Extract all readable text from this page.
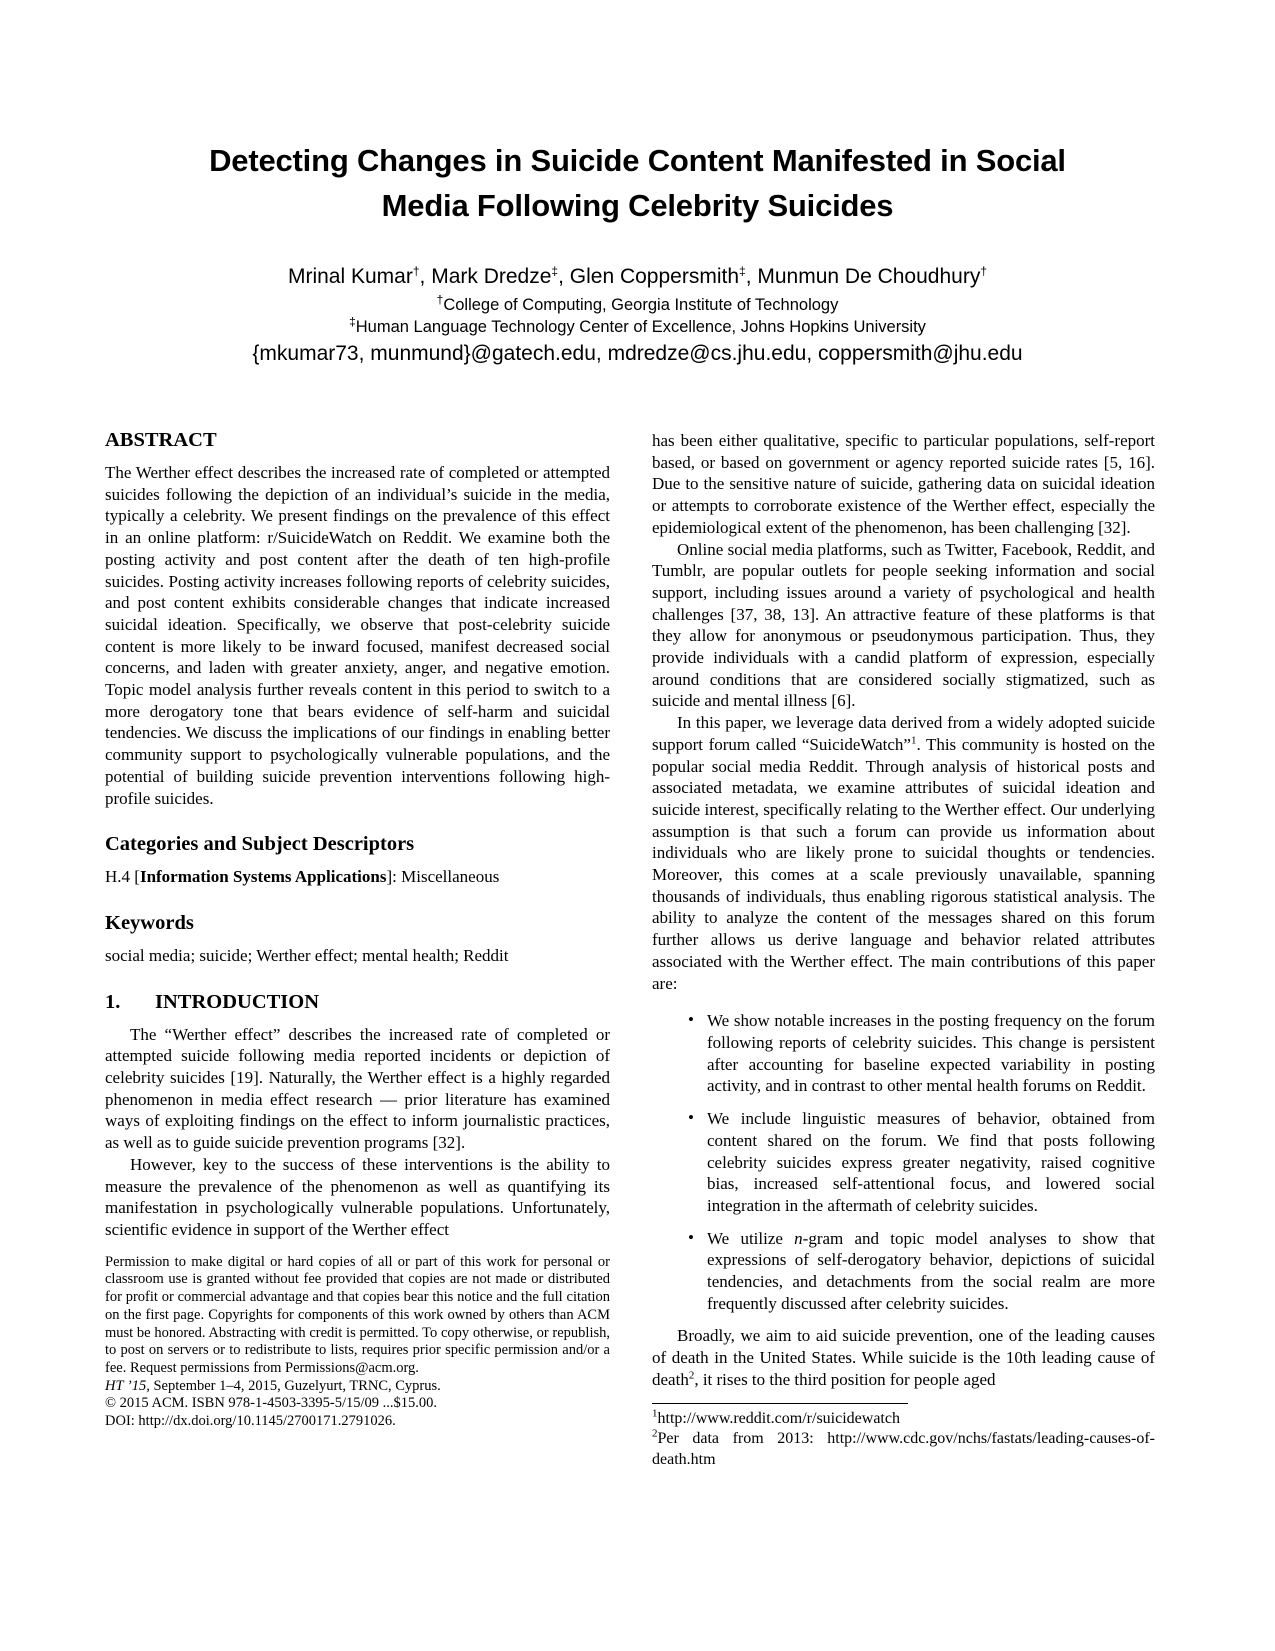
Detecting Changes in Suicide Content Manifested in Social
Media Following Celebrity Suicides
Mrinal Kumar†, Mark Dredze‡, Glen Coppersmith‡, Munmun De Choudhury†
†College of Computing, Georgia Institute of Technology
‡Human Language Technology Center of Excellence, Johns Hopkins University
{mkumar73, munmund}@gatech.edu, mdredze@cs.jhu.edu, coppersmith@jhu.edu
ABSTRACT

The Werther effect describes the increased rate of completed or attempted suicides following the depiction of an individual’s suicide in the media, typically a celebrity. We present findings on the prevalence of this effect in an online platform: r/SuicideWatch on Reddit. We examine both the posting activity and post content after the death of ten high-profile suicides. Posting activity increases following reports of celebrity suicides, and post content exhibits considerable changes that indicate increased suicidal ideation. Specifically, we observe that post-celebrity suicide content is more likely to be inward focused, manifest decreased social concerns, and laden with greater anxiety, anger, and negative emotion. Topic model analysis further reveals content in this period to switch to a more derogatory tone that bears evidence of self-harm and suicidal tendencies. We discuss the implications of our findings in enabling better community support to psychologically vulnerable populations, and the potential of building suicide prevention interventions following high-profile suicides.

Categories and Subject Descriptors

H.4 [Information Systems Applications]: Miscellaneous

Keywords

social media; suicide; Werther effect; mental health; Reddit

1. INTRODUCTION

The “Werther effect” describes the increased rate of completed or attempted suicide following media reported incidents or depiction of celebrity suicides [19]. Naturally, the Werther effect is a highly regarded phenomenon in media effect research — prior literature has examined ways of exploiting findings on the effect to inform journalistic practices, as well as to guide suicide prevention programs [32].

However, key to the success of these interventions is the ability to measure the prevalence of the phenomenon as well as quantifying its manifestation in psychologically vulnerable populations. Unfortunately, scientific evidence in support of the Werther effect

Permission to make digital or hard copies of all or part of this work for personal or classroom use is granted without fee provided that copies are not made or distributed for profit or commercial advantage and that copies bear this notice and the full citation on the first page. Copyrights for components of this work owned by others than ACM must be honored. Abstracting with credit is permitted. To copy otherwise, or republish, to post on servers or to redistribute to lists, requires prior specific permission and/or a fee. Request permissions from Permissions@acm.org.

HT ’15, September 1–4, 2015, Guzelyurt, TRNC, Cyprus.
© 2015 ACM. ISBN 978-1-4503-3395-5/15/09 ...$15.00.
DOI: http://dx.doi.org/10.1145/2700171.2791026.

has been either qualitative, specific to particular populations, self-report based, or based on government or agency reported suicide rates [5, 16]. Due to the sensitive nature of suicide, gathering data on suicidal ideation or attempts to corroborate existence of the Werther effect, especially the epidemiological extent of the phenomenon, has been challenging [32].

Online social media platforms, such as Twitter, Facebook, Reddit, and Tumblr, are popular outlets for people seeking information and social support, including issues around a variety of psychological and health challenges [37, 38, 13]. An attractive feature of these platforms is that they allow for anonymous or pseudonymous participation. Thus, they provide individuals with a candid platform of expression, especially around conditions that are considered socially stigmatized, such as suicide and mental illness [6].

In this paper, we leverage data derived from a widely adopted suicide support forum called “SuicideWatch”$^1$. This community is hosted on the popular social media Reddit. Through analysis of historical posts and associated metadata, we examine attributes of suicidal ideation and suicide interest, specifically relating to the Werther effect. Our underlying assumption is that such a forum can provide us information about individuals who are likely prone to suicidal thoughts or tendencies. Moreover, this comes at a scale previously unavailable, spanning thousands of individuals, thus enabling rigorous statistical analysis. The ability to analyze the content of the messages shared on this forum further allows us derive language and behavior related attributes associated with the Werther effect. The main contributions of this paper are:

• We show notable increases in the posting frequency on the forum following reports of celebrity suicides. This change is persistent after accounting for baseline expected variability in posting activity, and in contrast to other mental health forums on Reddit.
• We include linguistic measures of behavior, obtained from content shared on the forum. We find that posts following celebrity suicides express greater negativity, raised cognitive bias, increased self-attentional focus, and lowered social integration in the aftermath of celebrity suicides.
• We utilize n-gram and topic model analyses to show that expressions of self-derogatory behavior, depictions of suicidal tendencies, and detachments from the social realm are more frequently discussed after celebrity suicides.

Broadly, we aim to aid suicide prevention, one of the leading causes of death in the United States. While suicide is the 10th leading cause of death$^2$, it rises to the third position for people aged

$^1$http://www.reddit.com/r/suicidewatch
$^2$Per data from 2013: http://www.cdc.gov/nchs/fastats/leading-causes-of-death.htm
